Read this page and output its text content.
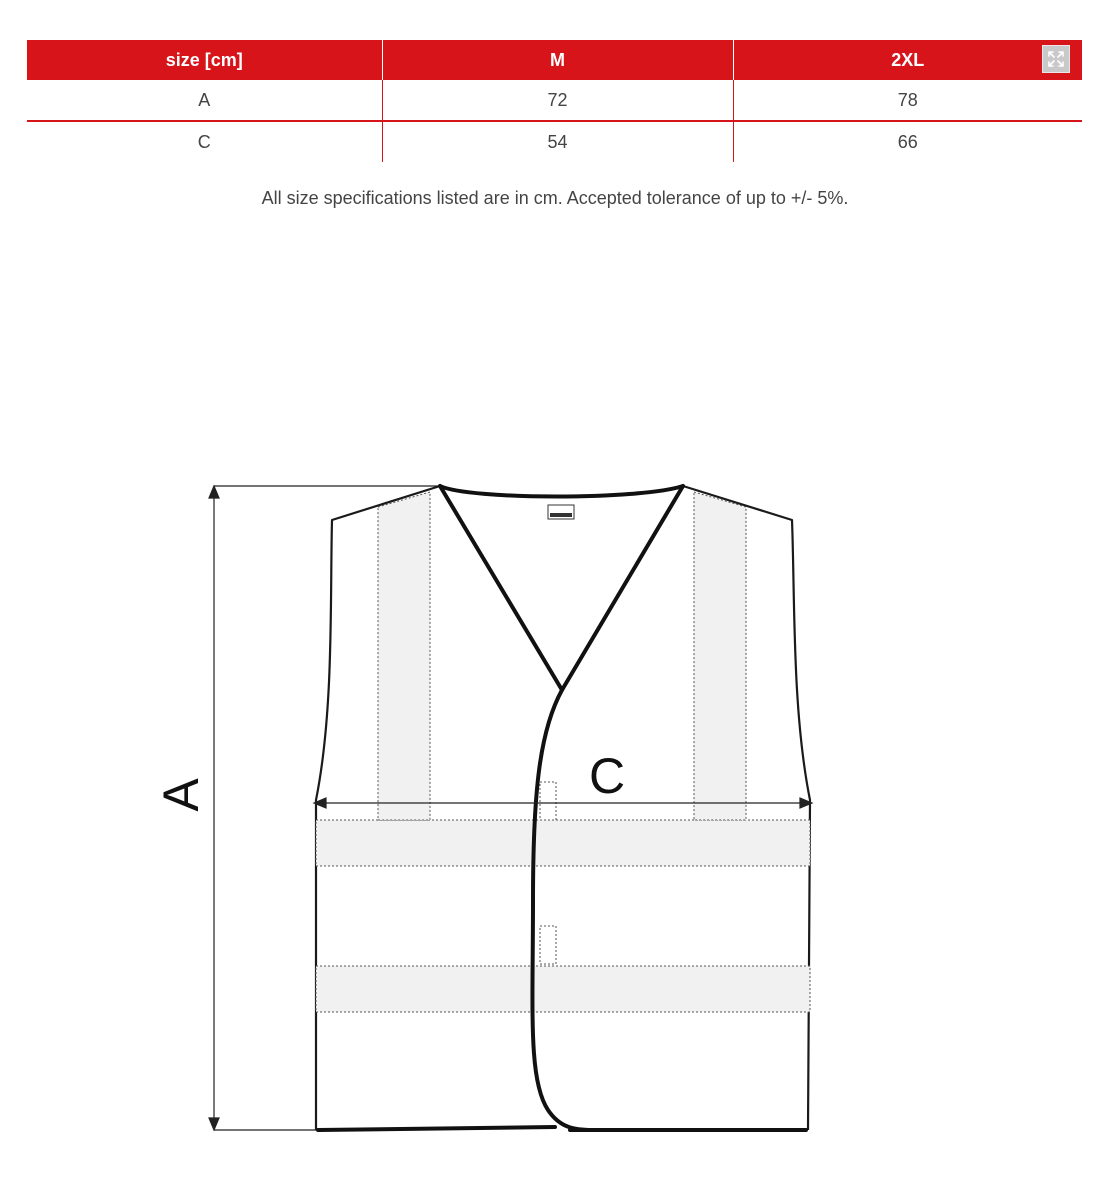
size [cm]	M	2XL

A	72	78
C	54	66
All size specifications listed are in cm. Accepted tolerance of up to +/- 5%.
A	C
